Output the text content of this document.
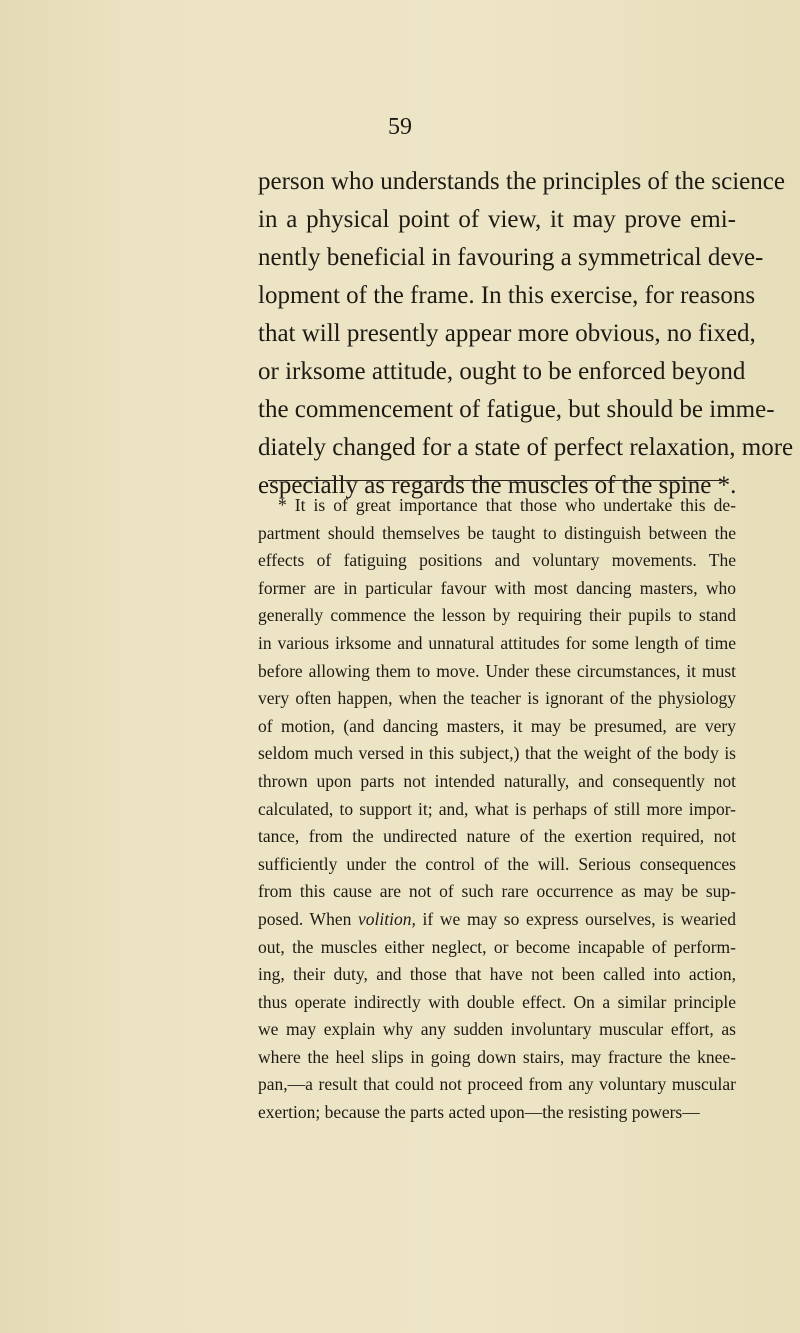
59
person who understands the principles of the science
in a physical point of view, it may prove emi-
nently beneficial in favouring a symmetrical deve-
lopment of the frame. In this exercise, for reasons
that will presently appear more obvious, no fixed,
or irksome attitude, ought to be enforced beyond
the commencement of fatigue, but should be imme-
diately changed for a state of perfect relaxation, more
especially as regards the muscles of the spine *.
* It is of great importance that those who undertake this de-
partment should themselves be taught to distinguish between the
effects of fatiguing positions and voluntary movements. The
former are in particular favour with most dancing masters, who
generally commence the lesson by requiring their pupils to stand
in various irksome and unnatural attitudes for some length of time
before allowing them to move. Under these circumstances, it must
very often happen, when the teacher is ignorant of the physiology
of motion, (and dancing masters, it may be presumed, are very
seldom much versed in this subject,) that the weight of the body is
thrown upon parts not intended naturally, and consequently not
calculated, to support it; and, what is perhaps of still more impor-
tance, from the undirected nature of the exertion required, not
sufficiently under the control of the will. Serious consequences
from this cause are not of such rare occurrence as may be sup-
posed. When volition, if we may so express ourselves, is wearied
out, the muscles either neglect, or become incapable of perform-
ing, their duty, and those that have not been called into action,
thus operate indirectly with double effect. On a similar principle
we may explain why any sudden involuntary muscular effort, as
where the heel slips in going down stairs, may fracture the knee-
pan,—a result that could not proceed from any voluntary muscular
exertion; because the parts acted upon—the resisting powers—
